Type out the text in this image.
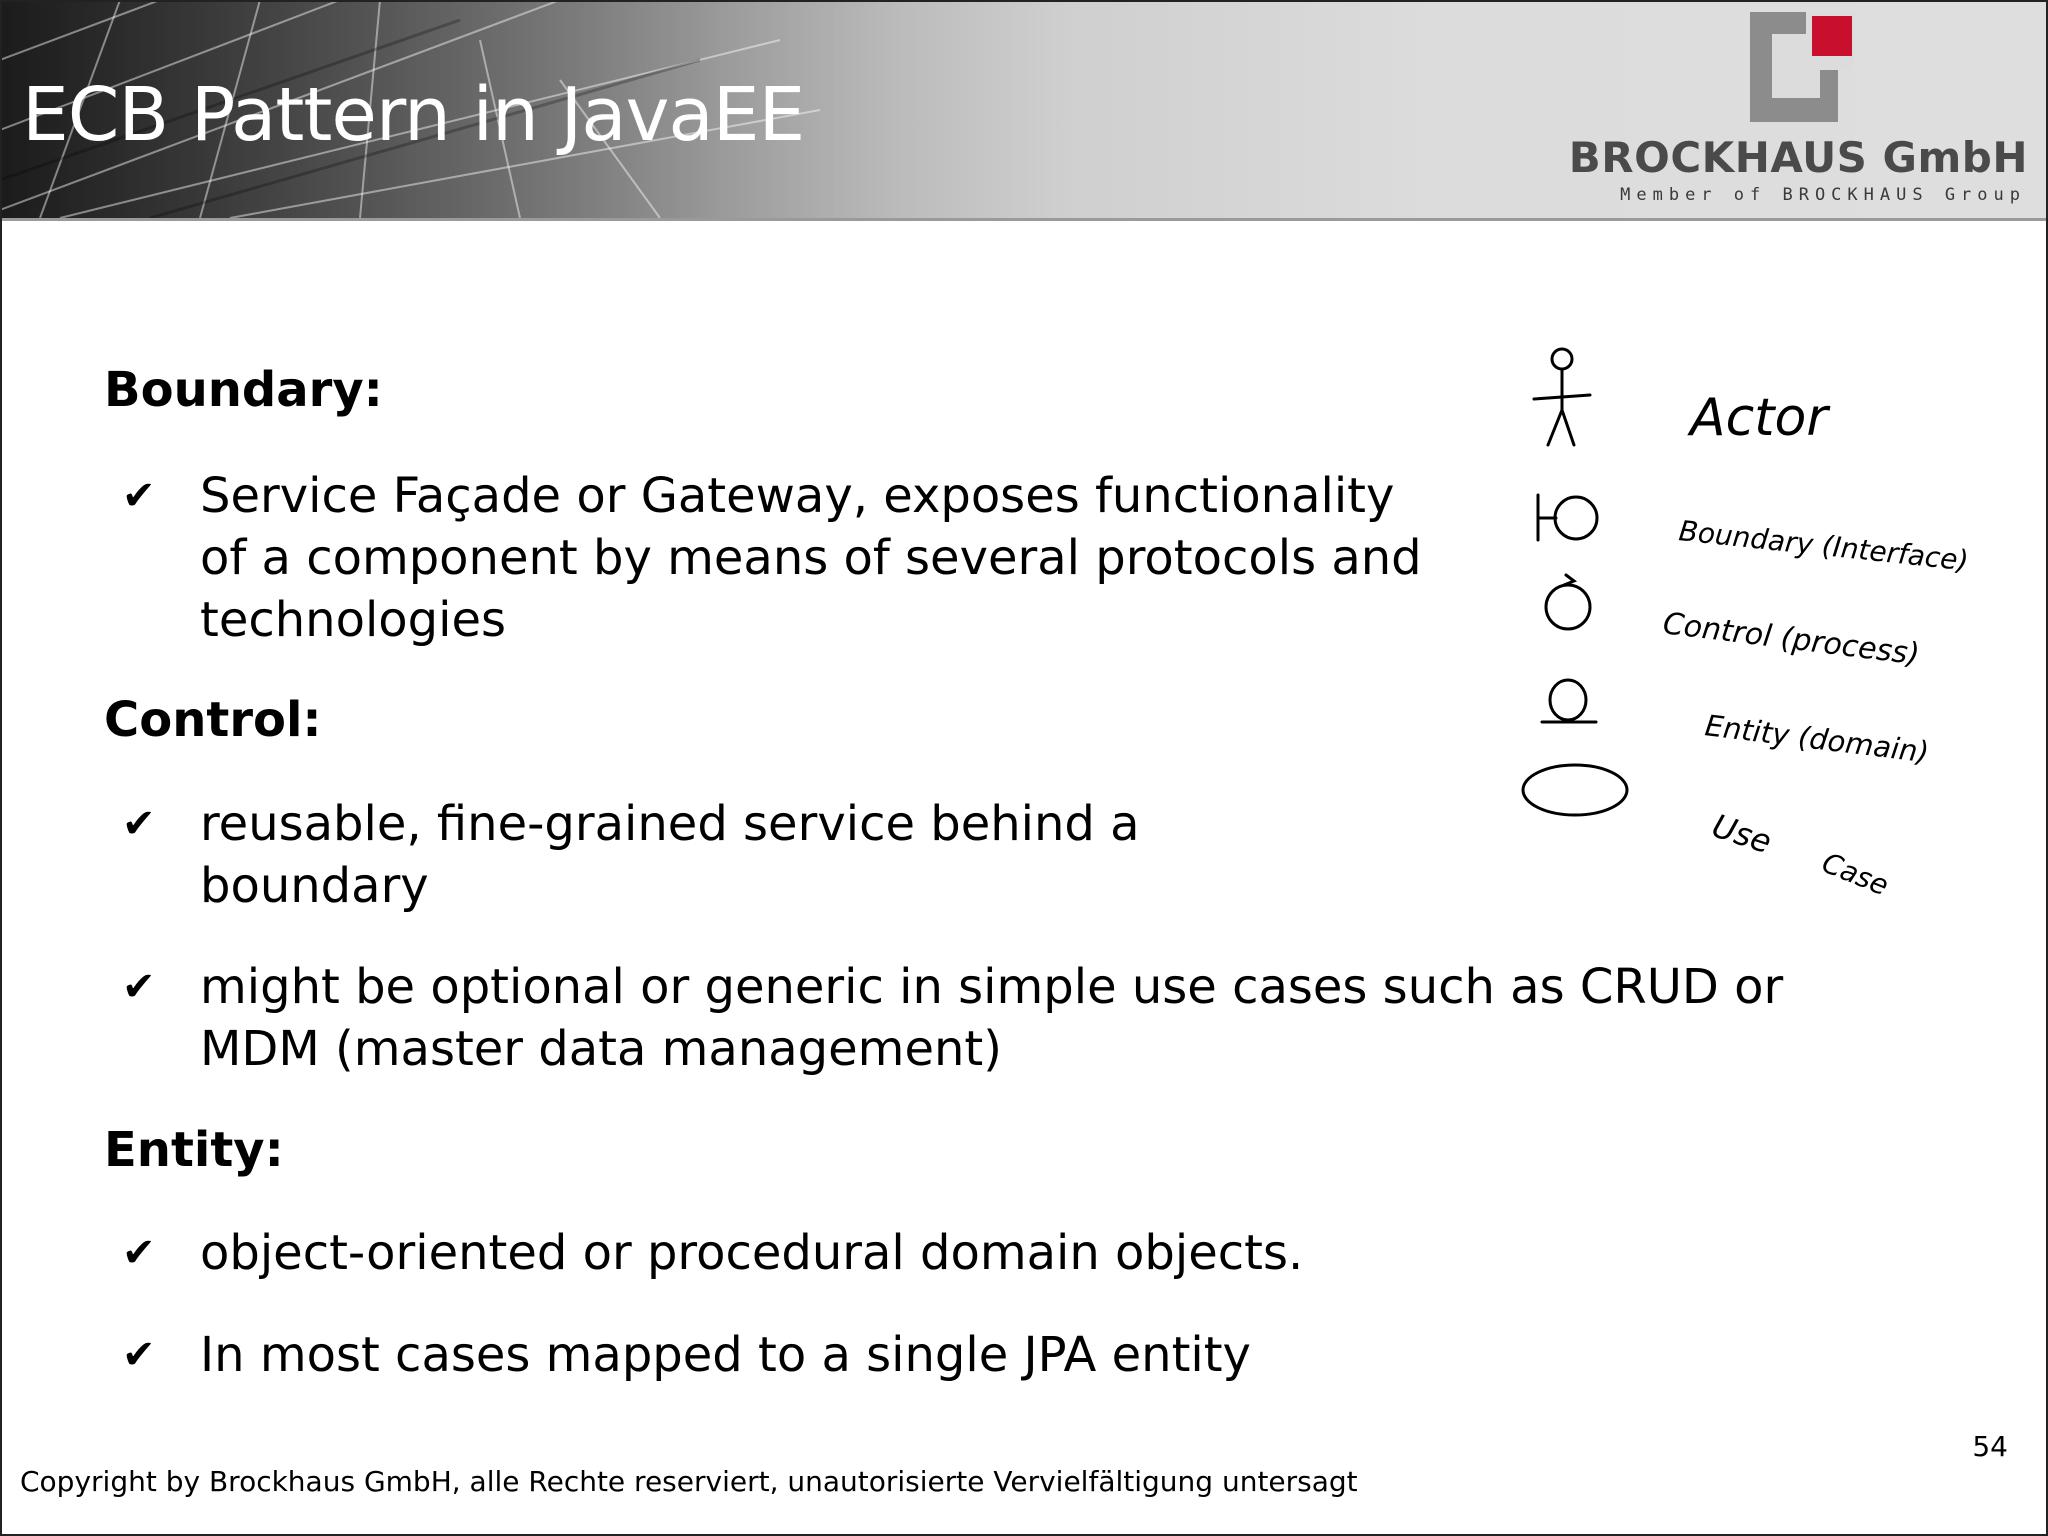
ECB Pattern in JavaEE	BROCKHAUS GmbH
Member of BROCKHAUS Group
Boundary:
✔ Service Façade or Gateway, exposes functionality
of a component by means of several protocols and
technologies
Control:
✔ reusable, fine-grained service behind a
boundary
✔ might be optional or generic in simple use cases such as CRUD or
MDM (master data management)
Entity:
✔ object-oriented or procedural domain objects.
✔ In most cases mapped to a single JPA entity
Actor
Boundary (Interface)
Control (process)
Entity (domain)
Use
Case
54
Copyright by Brockhaus GmbH, alle Rechte reserviert, unautorisierte Vervielfältigung untersagt
